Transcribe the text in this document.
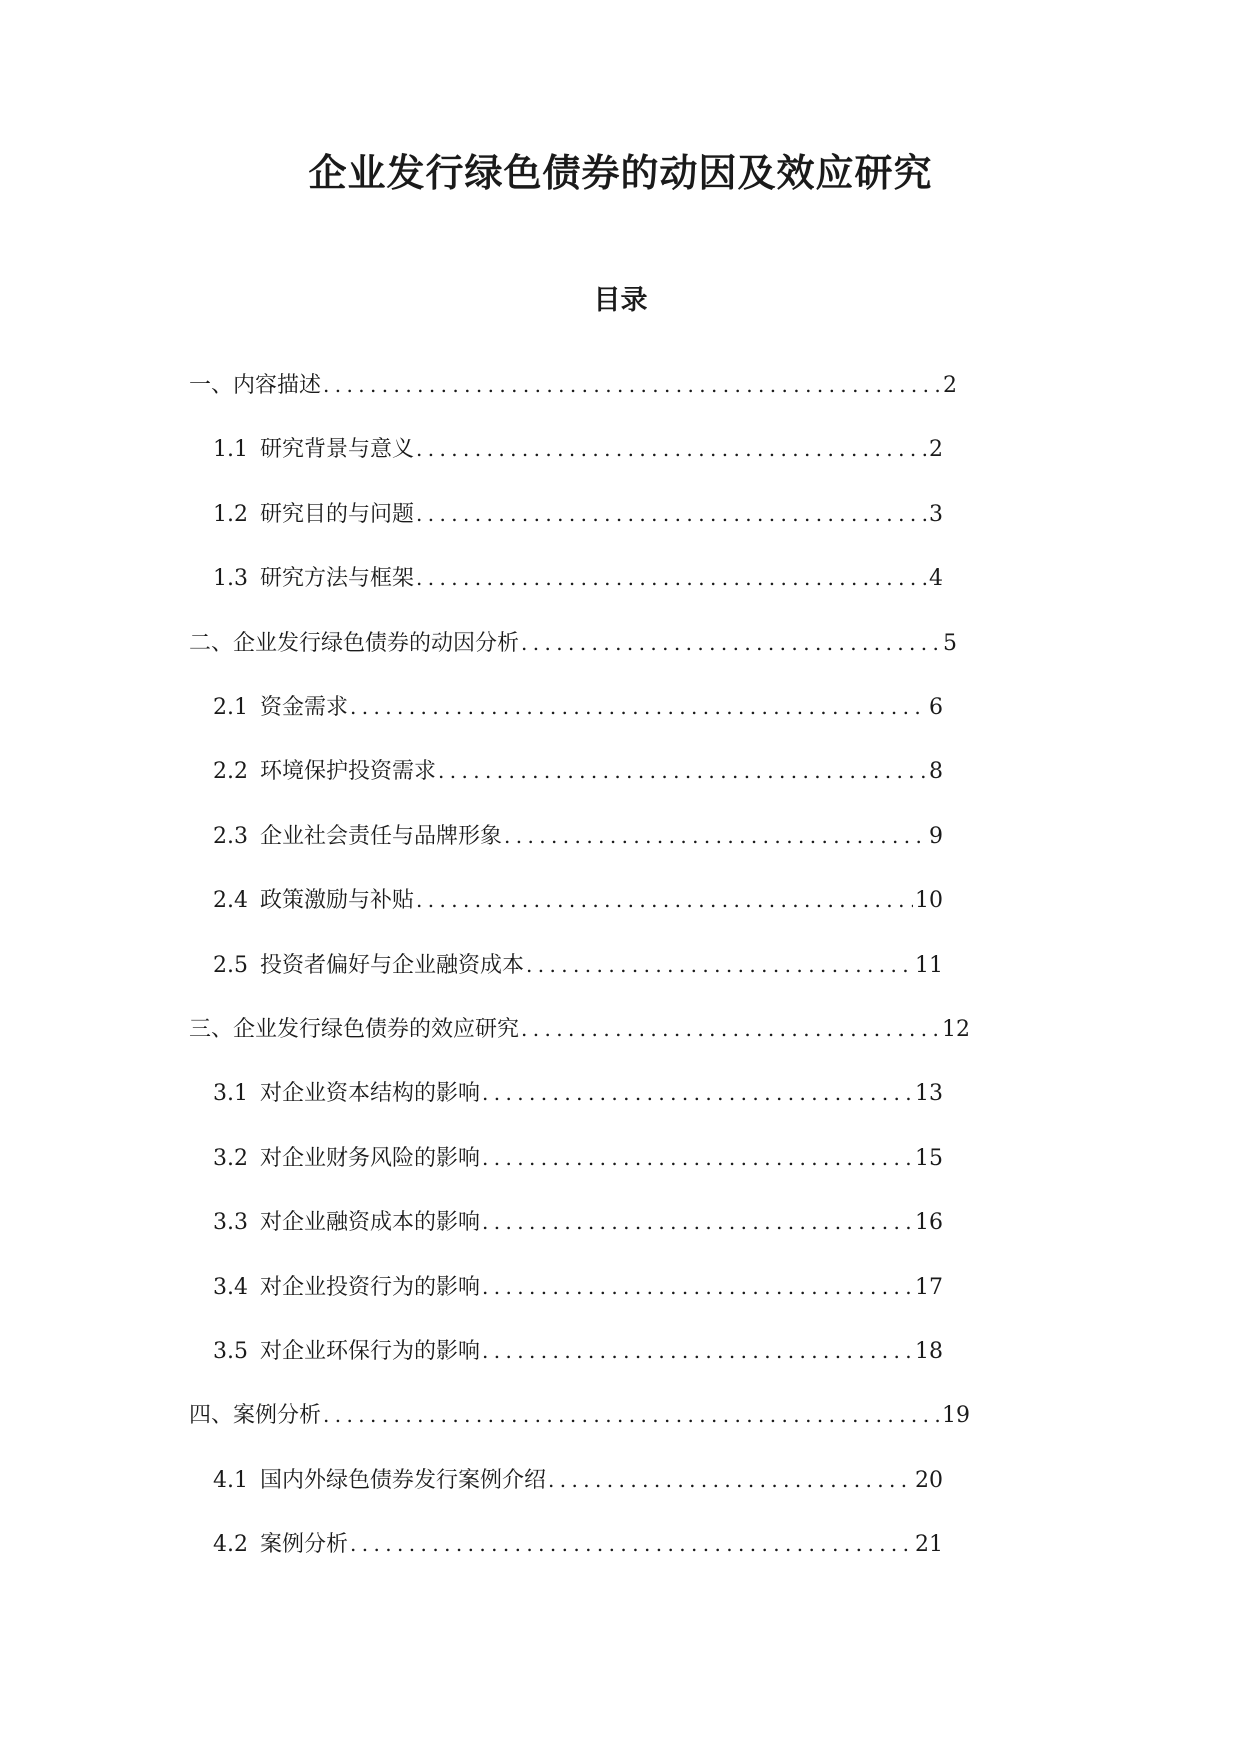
企业发行绿色债券的动因及效应研究
目录
一、内容描述 .....	2
1.1 研究背景与意义 .....	2
1.2 研究目的与问题 .....	3
1.3 研究方法与框架 .....	4
二、企业发行绿色债券的动因分析 .....	5
2.1 资金需求 .....	6
2.2 环境保护投资需求 .....	8
2.3 企业社会责任与品牌形象 .....	9
2.4 政策激励与补贴 .....	10
2.5 投资者偏好与企业融资成本 .....	11
三、企业发行绿色债券的效应研究 .....	12
3.1 对企业资本结构的影响 .....	13
3.2 对企业财务风险的影响 .....	15
3.3 对企业融资成本的影响 .....	16
3.4 对企业投资行为的影响 .....	17
3.5 对企业环保行为的影响 .....	18
四、案例分析 .....	19
4.1 国内外绿色债券发行案例介绍 .....	20
4.2 案例分析 .....	21
